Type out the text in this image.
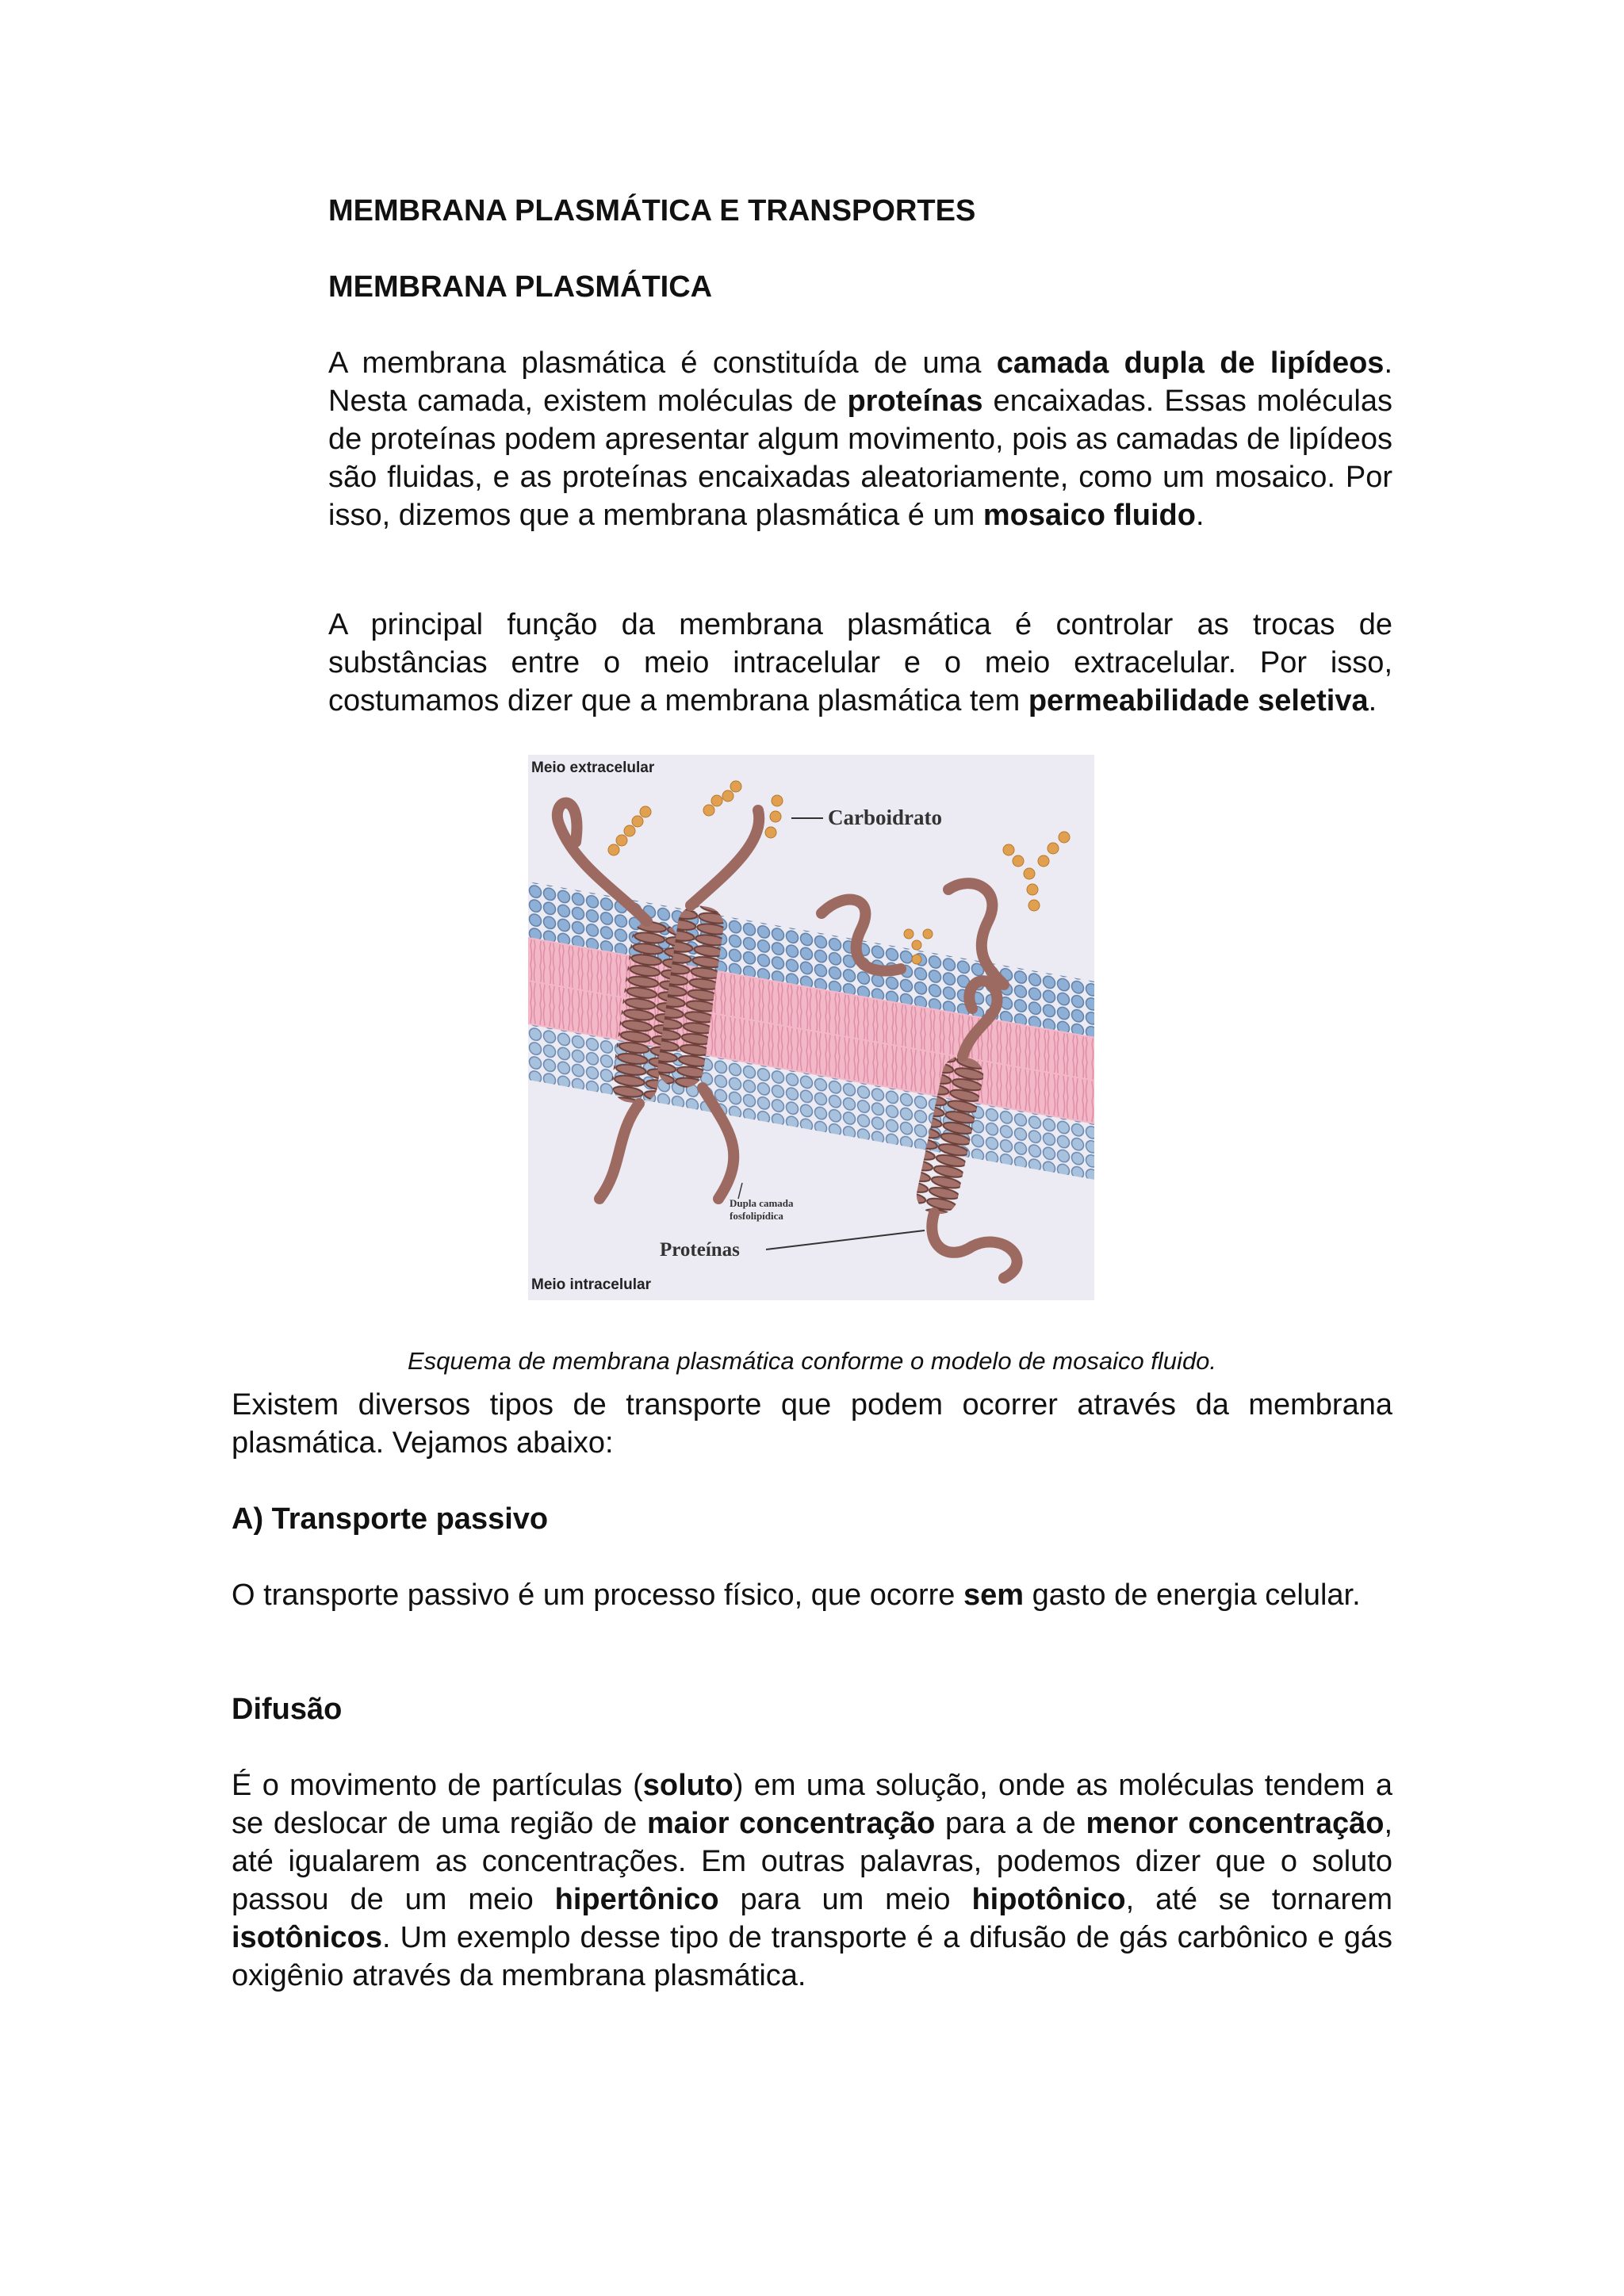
MEMBRANA PLASMÁTICA E TRANSPORTES
MEMBRANA PLASMÁTICA

A membrana plasmática é constituída de uma camada dupla de lipídeos. Nesta camada, existem moléculas de proteínas encaixadas. Essas moléculas de proteínas podem apresentar algum movimento, pois as camadas de lipídeos são fluidas, e as proteínas encaixadas aleatoriamente, como um mosaico. Por isso, dizemos que a membrana plasmática é um mosaico fluido.

A principal função da membrana plasmática é controlar as trocas de substâncias entre o meio intracelular e o meio extracelular. Por isso, costumamos dizer que a membrana plasmática tem permeabilidade seletiva.

Meio extracelular
Carboidrato
Dupla camada
fosfolipídica
Proteínas
Meio intracelular

Esquema de membrana plasmática conforme o modelo de mosaico fluido.

Existem diversos tipos de transporte que podem ocorrer através da membrana plasmática. Vejamos abaixo:

A) Transporte passivo

O transporte passivo é um processo físico, que ocorre sem gasto de energia celular.

Difusão

É o movimento de partículas (soluto) em uma solução, onde as moléculas tendem a se deslocar de uma região de maior concentração para a de menor concentração, até igualarem as concentrações. Em outras palavras, podemos dizer que o soluto passou de um meio hipertônico para um meio hipotônico, até se tornarem isotônicos. Um exemplo desse tipo de transporte é a difusão de gás carbônico e gás oxigênio através da membrana plasmática.
